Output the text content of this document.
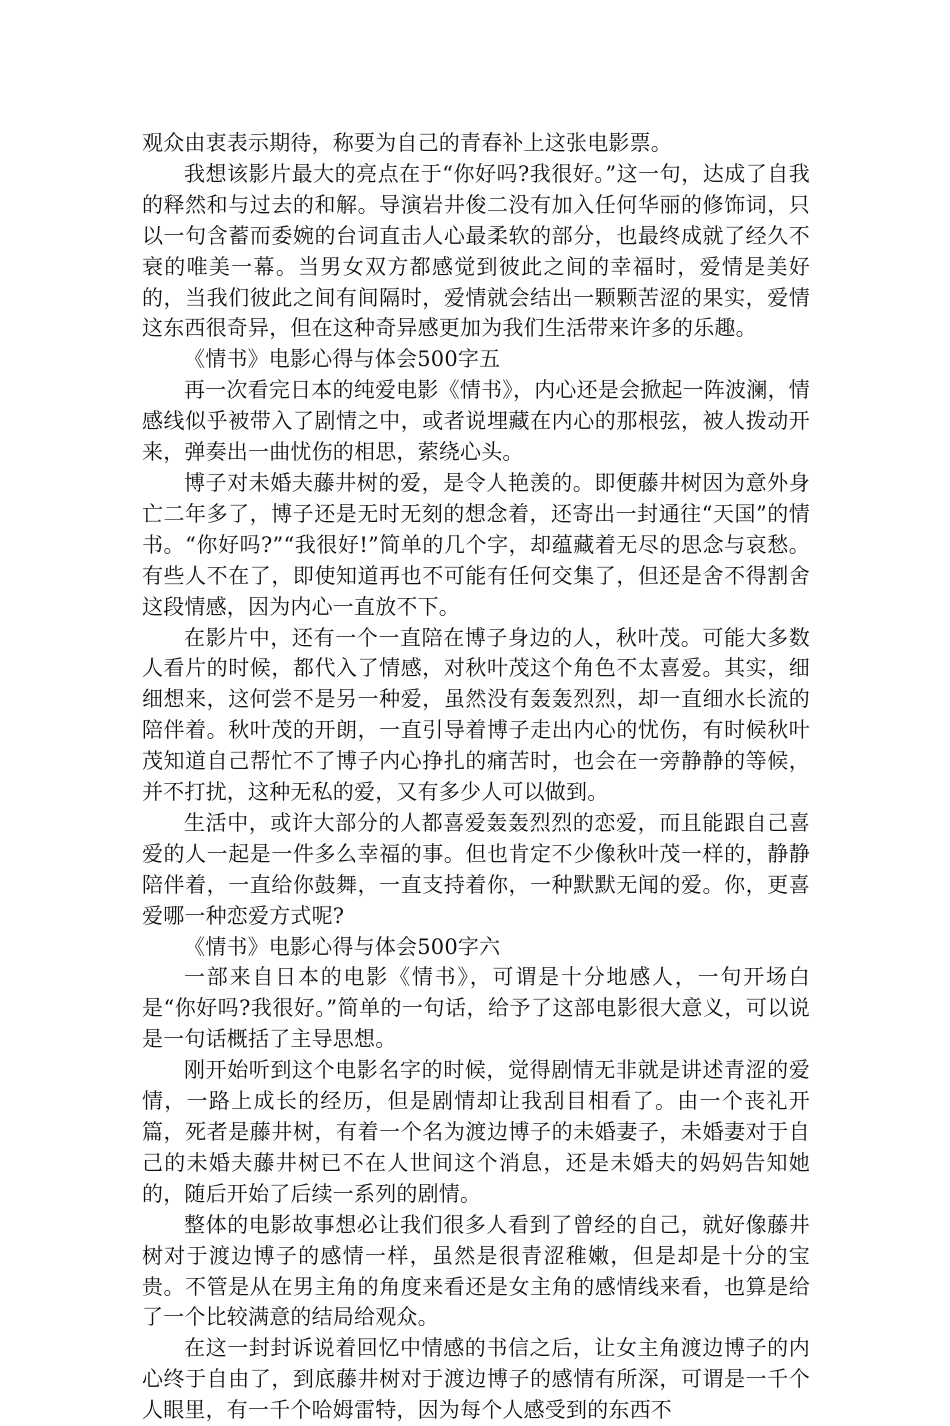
观众由衷表示期待，称要为自己的青春补上这张电影票。

我想该影片最大的亮点在于“你好吗?我很好。”这一句，达成了自我的释然和与过去的和解。导演岩井俊二没有加入任何华丽的修饰词，只以一句含蓄而委婉的台词直击人心最柔软的部分，也最终成就了经久不衰的唯美一幕。当男女双方都感觉到彼此之间的幸福时，爱情是美好的，当我们彼此之间有间隔时，爱情就会结出一颗颗苦涩的果实，爱情这东西很奇异，但在这种奇异感更加为我们生活带来许多的乐趣。

《情书》电影心得与体会500字五

再一次看完日本的纯爱电影《情书》，内心还是会掀起一阵波澜，情感线似乎被带入了剧情之中，或者说埋藏在内心的那根弦，被人拨动开来，弹奏出一曲忧伤的相思，萦绕心头。

博子对未婚夫藤井树的爱，是令人艳羡的。即便藤井树因为意外身亡二年多了，博子还是无时无刻的想念着，还寄出一封通往“天国”的情书。“你好吗?”“我很好!”简单的几个字，却蕴藏着无尽的思念与哀愁。有些人不在了，即使知道再也不可能有任何交集了，但还是舍不得割舍这段情感，因为内心一直放不下。

在影片中，还有一个一直陪在博子身边的人，秋叶茂。可能大多数人看片的时候，都代入了情感，对秋叶茂这个角色不太喜爱。其实，细细想来，这何尝不是另一种爱，虽然没有轰轰烈烈，却一直细水长流的陪伴着。秋叶茂的开朗，一直引导着博子走出内心的忧伤，有时候秋叶茂知道自己帮忙不了博子内心挣扎的痛苦时，也会在一旁静静的等候，并不打扰，这种无私的爱，又有多少人可以做到。

生活中，或许大部分的人都喜爱轰轰烈烈的恋爱，而且能跟自己喜爱的人一起是一件多么幸福的事。但也肯定不少像秋叶茂一样的，静静陪伴着，一直给你鼓舞，一直支持着你，一种默默无闻的爱。你，更喜爱哪一种恋爱方式呢?

《情书》电影心得与体会500字六

一部来自日本的电影《情书》，可谓是十分地感人，一句开场白是“你好吗?我很好。”简单的一句话，给予了这部电影很大意义，可以说是一句话概括了主导思想。

刚开始听到这个电影名字的时候，觉得剧情无非就是讲述青涩的爱情，一路上成长的经历，但是剧情却让我刮目相看了。由一个丧礼开篇，死者是藤井树，有着一个名为渡边博子的未婚妻子，未婚妻对于自己的未婚夫藤井树已不在人世间这个消息，还是未婚夫的妈妈告知她的，随后开始了后续一系列的剧情。

整体的电影故事想必让我们很多人看到了曾经的自己，就好像藤井树对于渡边博子的感情一样，虽然是很青涩稚嫩，但是却是十分的宝贵。不管是从在男主角的角度来看还是女主角的感情线来看，也算是给了一个比较满意的结局给观众。

在这一封封诉说着回忆中情感的书信之后，让女主角渡边博子的内心终于自由了，到底藤井树对于渡边博子的感情有所深，可谓是一千个人眼里，有一千个哈姆雷特，因为每个人感受到的东西不
